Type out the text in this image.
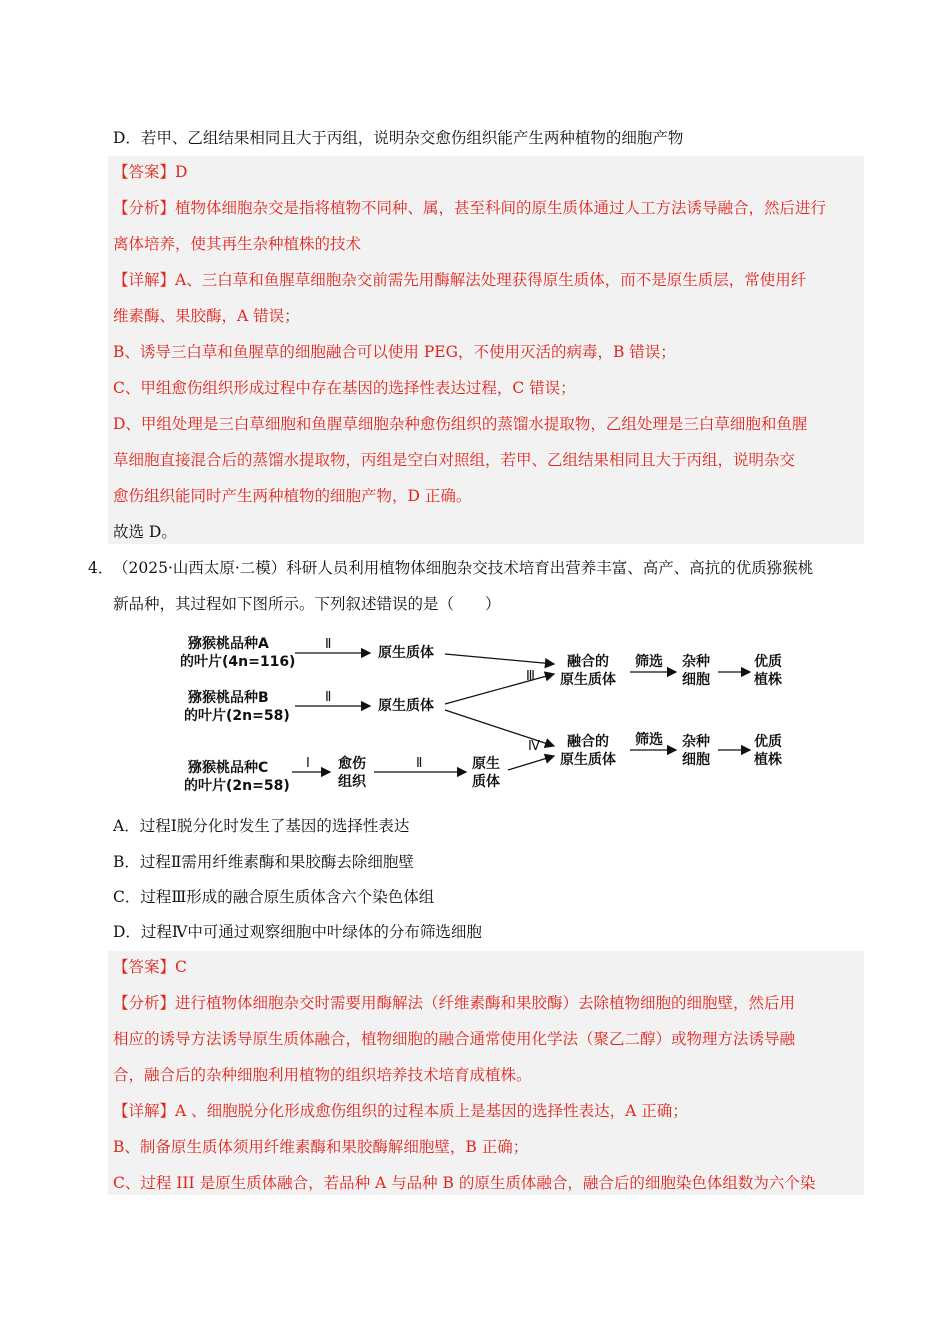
D．若甲、乙组结果相同且大于丙组，说明杂交愈伤组织能产生两种植物的细胞产物
【答案】D
【分析】植物体细胞杂交是指将植物不同种、属，甚至科间的原生质体通过人工方法诱导融合，然后进行
离体培养，使其再生杂种植株的技术
【详解】A、三白草和鱼腥草细胞杂交前需先用酶解法处理获得原生质体，而不是原生质层，常使用纤
维素酶、果胶酶，A 错误；
B、诱导三白草和鱼腥草的细胞融合可以使用 PEG，不使用灭活的病毒，B 错误；
C、甲组愈伤组织形成过程中存在基因的选择性表达过程，C 错误；
D、甲组处理是三白草细胞和鱼腥草细胞杂种愈伤组织的蒸馏水提取物，乙组处理是三白草细胞和鱼腥
草细胞直接混合后的蒸馏水提取物，丙组是空白对照组，若甲、乙组结果相同且大于丙组，说明杂交
愈伤组织能同时产生两种植物的细胞产物，D 正确。
故选 D。
4． （2025·山西太原·二模）科研人员利用植物体细胞杂交技术培育出营养丰富、高产、高抗的优质猕猴桃
新品种，其过程如下图所示。下列叙述错误的是（　　）
猕猴桃品种A
的叶片(4n=116)
Ⅱ
原生质体
猕猴桃品种B
的叶片(2n=58)
Ⅱ
原生质体
Ⅲ
融合的
原生质体
筛选 杂种
细胞
优质
植株
猕猴桃品种C
的叶片(2n=58)
Ⅰ 愈伤
组织
Ⅱ	原生
质体
Ⅳ 融合的
原生质体
筛选 杂种
细胞
优质
植株
A．过程Ⅰ脱分化时发生了基因的选择性表达
B．过程Ⅱ需用纤维素酶和果胶酶去除细胞壁
C．过程Ⅲ形成的融合原生质体含六个染色体组
D．过程Ⅳ中可通过观察细胞中叶绿体的分布筛选细胞
【答案】C
【分析】进行植物体细胞杂交时需要用酶解法（纤维素酶和果胶酶）去除植物细胞的细胞壁，然后用
相应的诱导方法诱导原生质体融合，植物细胞的融合通常使用化学法（聚乙二醇）或物理方法诱导融
合，融合后的杂种细胞利用植物的组织培养技术培育成植株。
【详解】A 、细胞脱分化形成愈伤组织的过程本质上是基因的选择性表达，A 正确；
B、制备原生质体须用纤维素酶和果胶酶解细胞壁，B 正确；
C、过程 III 是原生质体融合，若品种 A 与品种 B 的原生质体融合，融合后的细胞染色体组数为六个染
